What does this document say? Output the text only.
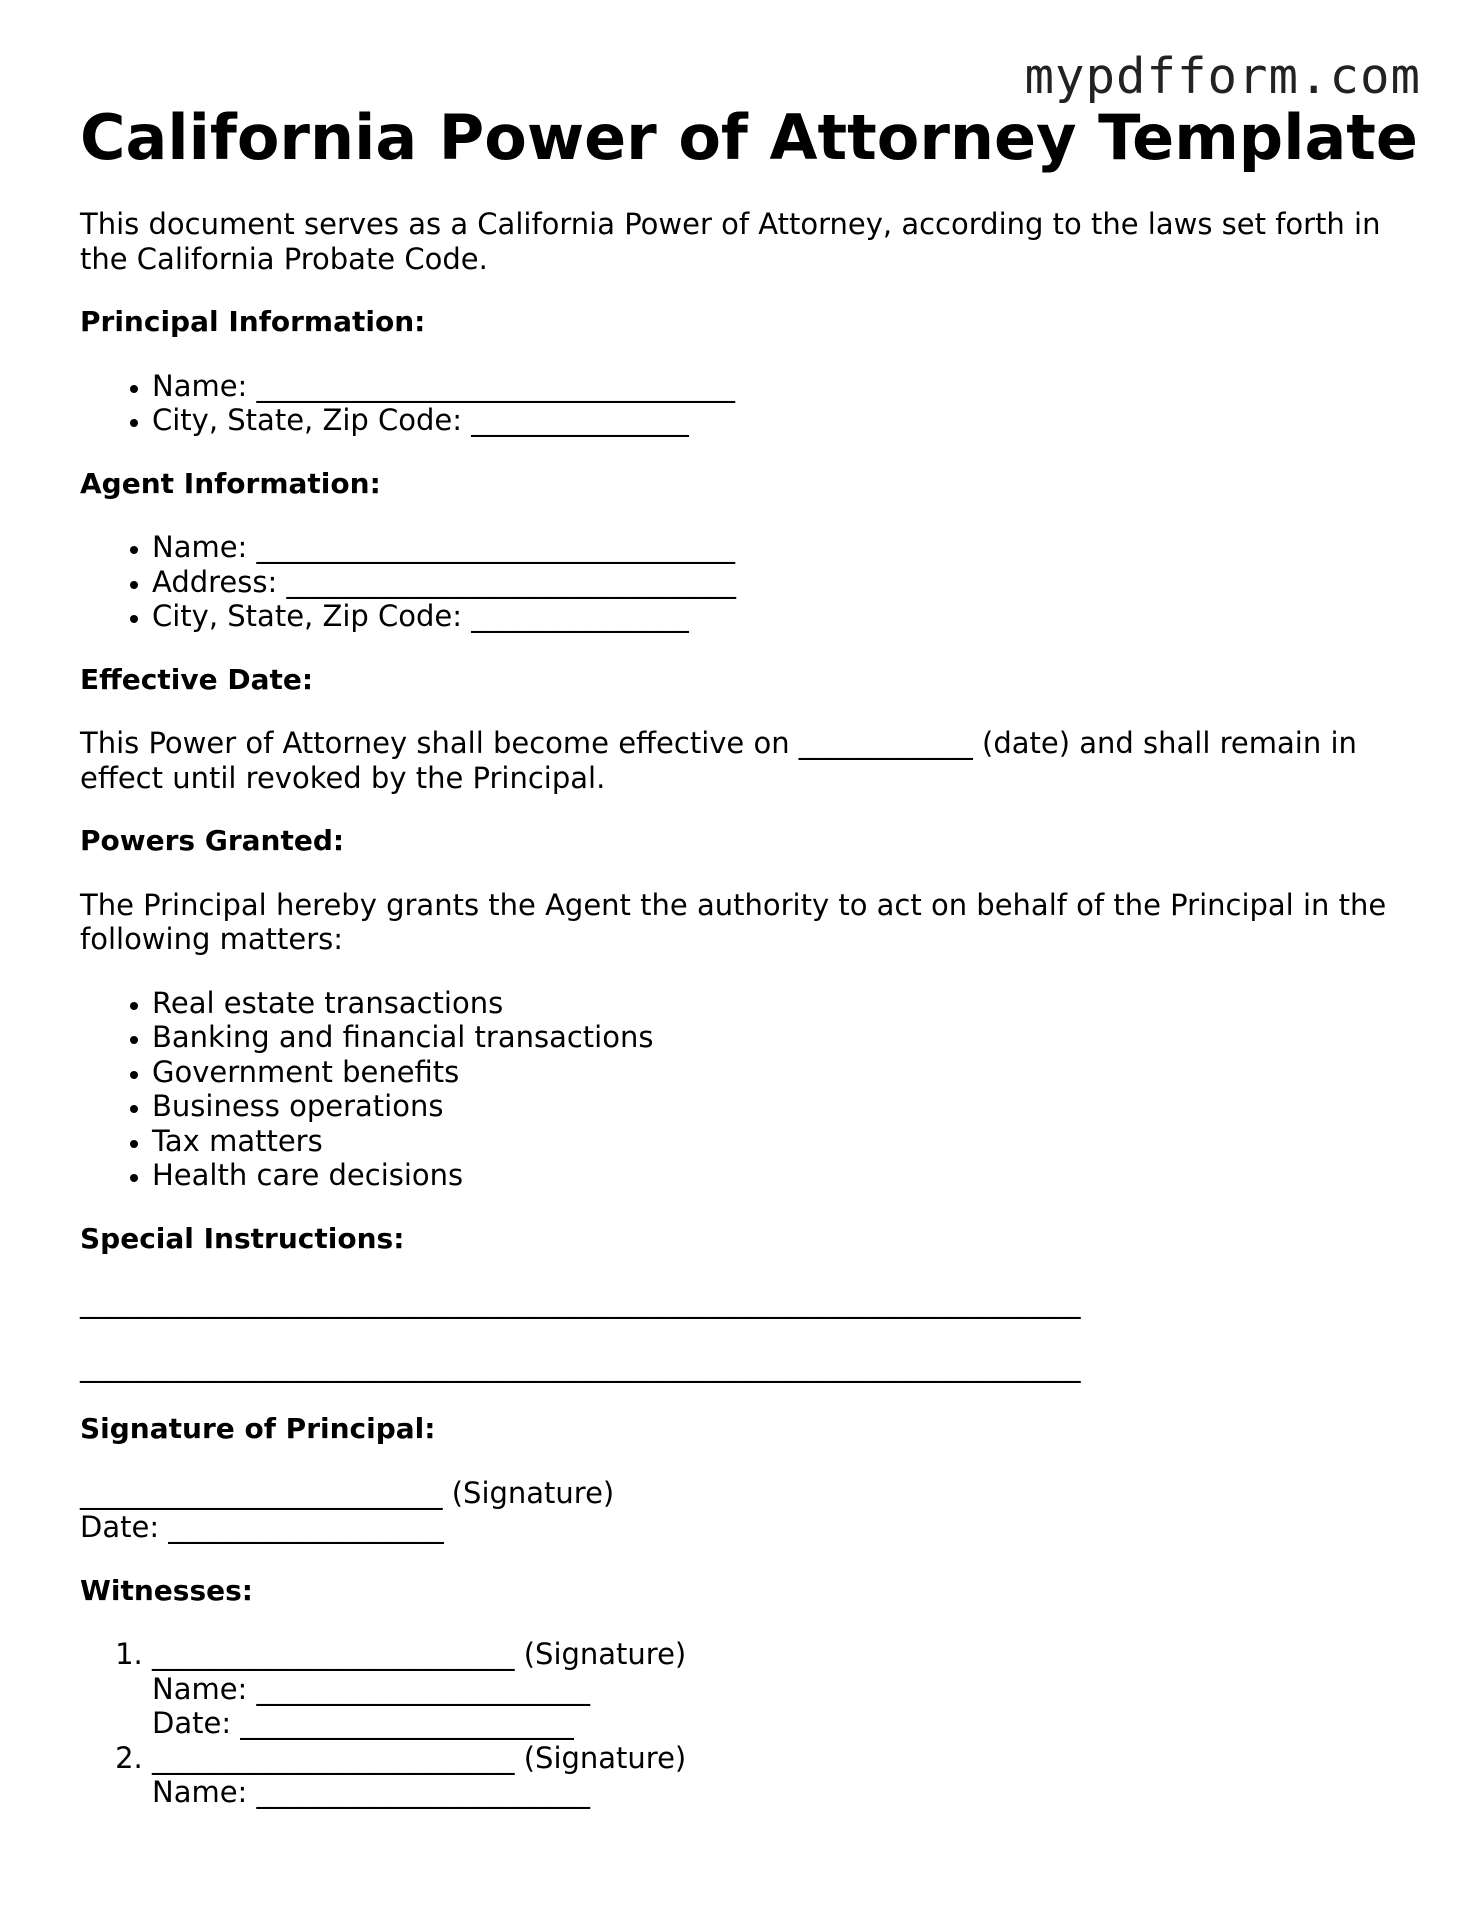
mypdfform.com
California Power of Attorney Template

This document serves as a California Power of Attorney, according to the laws set forth in the California Probate Code.

Principal Information:
• Name: _________________________________
• City, State, Zip Code: _______________
Agent Information:
• Name: _________________________________
• Address: _______________________________
• City, State, Zip Code: _______________
Effective Date:

This Power of Attorney shall become effective on ____________ (date) and shall remain in effect until revoked by the Principal.

Powers Granted:

The Principal hereby grants the Agent the authority to act on behalf of the Principal in the following matters:

• Real estate transactions
• Banking and financial transactions
• Government benefits
• Business operations
• Tax matters
• Health care decisions
Special Instructions:
_____________________________________________________________________
_____________________________________________________________________
Signature of Principal:
_________________________ (Signature)
Date: ___________________
Witnesses:
1. _________________________ (Signature)
Name: _______________________
Date: _______________________
2. _________________________ (Signature)
Name: _______________________
